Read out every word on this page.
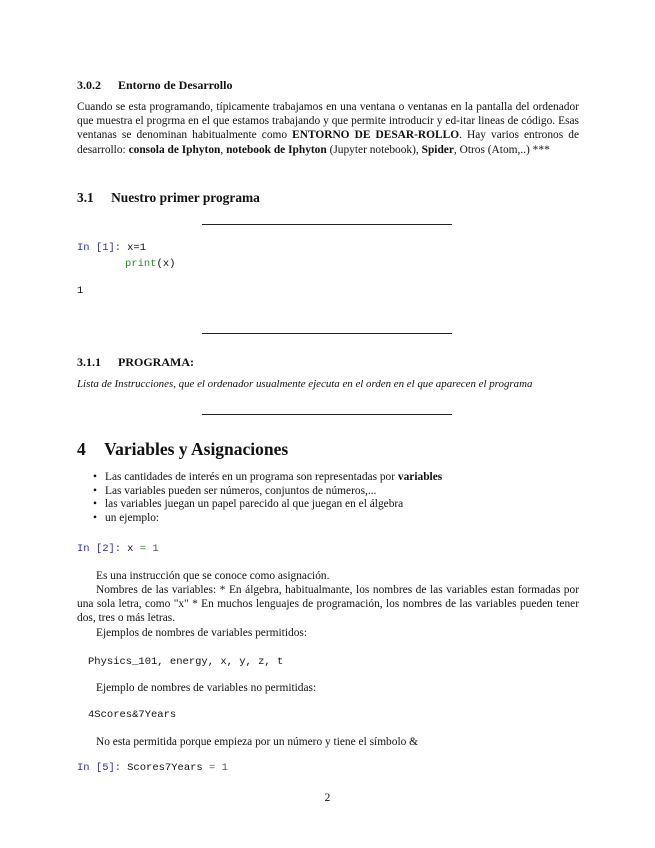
3.0.2 Entorno de Desarrollo
Cuando se esta programando, típicamente trabajamos en una ventana o ventanas en la pantalla del ordenador que muestra el progrma en el que estamos trabajando y que permite introducir y ed-itar lineas de código. Esas ventanas se denominan habitualmente como ENTORNO DE DESAR-ROLLO. Hay varios entronos de desarrollo: consola de Iphyton, notebook de Iphyton (Jupyter notebook), Spider, Otros (Atom,..) ***
3.1 Nuestro primer programa
In [1]: x=1
print(x)
1
3.1.1 PROGRAMA:
Lista de Instrucciones, que el ordenador usualmente ejecuta en el orden en el que aparecen el programa
4 Variables y Asignaciones
• Las cantidades de interés en un programa son representadas por variables
• Las variables pueden ser números, conjuntos de números,...
• las variables juegan un papel parecido al que juegan en el álgebra
• un ejemplo:
In [2]: x = 1
Es una instrucción que se conoce como asignación.
Nombres de las variables: * En álgebra, habitualmante, los nombres de las variables estan formadas por una sola letra, como "x" * En muchos lenguajes de programación, los nombres de las variables pueden tener dos, tres o más letras.
Ejemplos de nombres de variables permitidos:
Physics_101, energy, x, y, z, t
Ejemplo de nombres de variables no permitidas:
4Scores&7Years
No esta permitida porque empieza por un número y tiene el símbolo &
In [5]: Scores7Years = 1
2
